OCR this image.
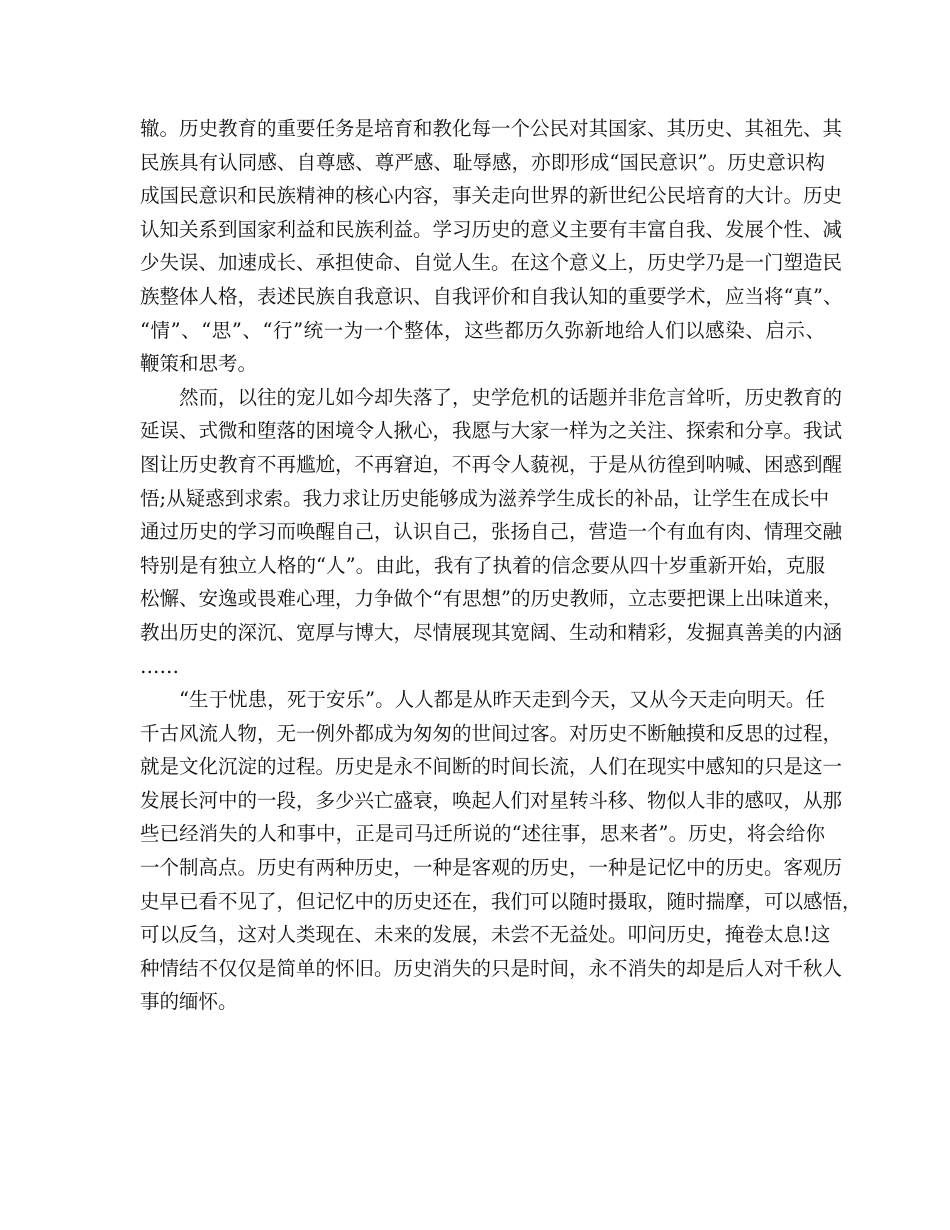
辙。历史教育的重要任务是培育和教化每一个公民对其国家、其历史、其祖先、其
民族具有认同感、自尊感、尊严感、耻辱感，亦即形成“国民意识”。历史意识构
成国民意识和民族精神的核心内容，事关走向世界的新世纪公民培育的大计。历史
认知关系到国家利益和民族利益。学习历史的意义主要有丰富自我、发展个性、减
少失误、加速成长、承担使命、自觉人生。在这个意义上，历史学乃是一门塑造民
族整体人格，表述民族自我意识、自我评价和自我认知的重要学术，应当将“真”、
“情”、“思”、“行”统一为一个整体，这些都历久弥新地给人们以感染、启示、
鞭策和思考。
然而，以往的宠儿如今却失落了，史学危机的话题并非危言耸听，历史教育的
延误、式微和堕落的困境令人揪心，我愿与大家一样为之关注、探索和分享。我试
图让历史教育不再尴尬，不再窘迫，不再令人藐视，于是从彷徨到呐喊、困惑到醒
悟;从疑惑到求索。我力求让历史能够成为滋养学生成长的补品，让学生在成长中
通过历史的学习而唤醒自己，认识自己，张扬自己，营造一个有血有肉、情理交融
特别是有独立人格的“人”。由此，我有了执着的信念要从四十岁重新开始，克服
松懈、安逸或畏难心理，力争做个“有思想”的历史教师，立志要把课上出味道来，
教出历史的深沉、宽厚与博大，尽情展现其宽阔、生动和精彩，发掘真善美的内涵
……
“生于忧患，死于安乐”。人人都是从昨天走到今天，又从今天走向明天。任
千古风流人物，无一例外都成为匆匆的世间过客。对历史不断触摸和反思的过程，
就是文化沉淀的过程。历史是永不间断的时间长流，人们在现实中感知的只是这一
发展长河中的一段，多少兴亡盛衰，唤起人们对星转斗移、物似人非的感叹，从那
些已经消失的人和事中，正是司马迁所说的“述往事，思来者”。历史，将会给你
一个制高点。历史有两种历史，一种是客观的历史，一种是记忆中的历史。客观历
史早已看不见了，但记忆中的历史还在，我们可以随时摄取，随时揣摩，可以感悟，
可以反刍，这对人类现在、未来的发展，未尝不无益处。叩问历史，掩卷太息!这
种情结不仅仅是简单的怀旧。历史消失的只是时间，永不消失的却是后人对千秋人
事的缅怀。
